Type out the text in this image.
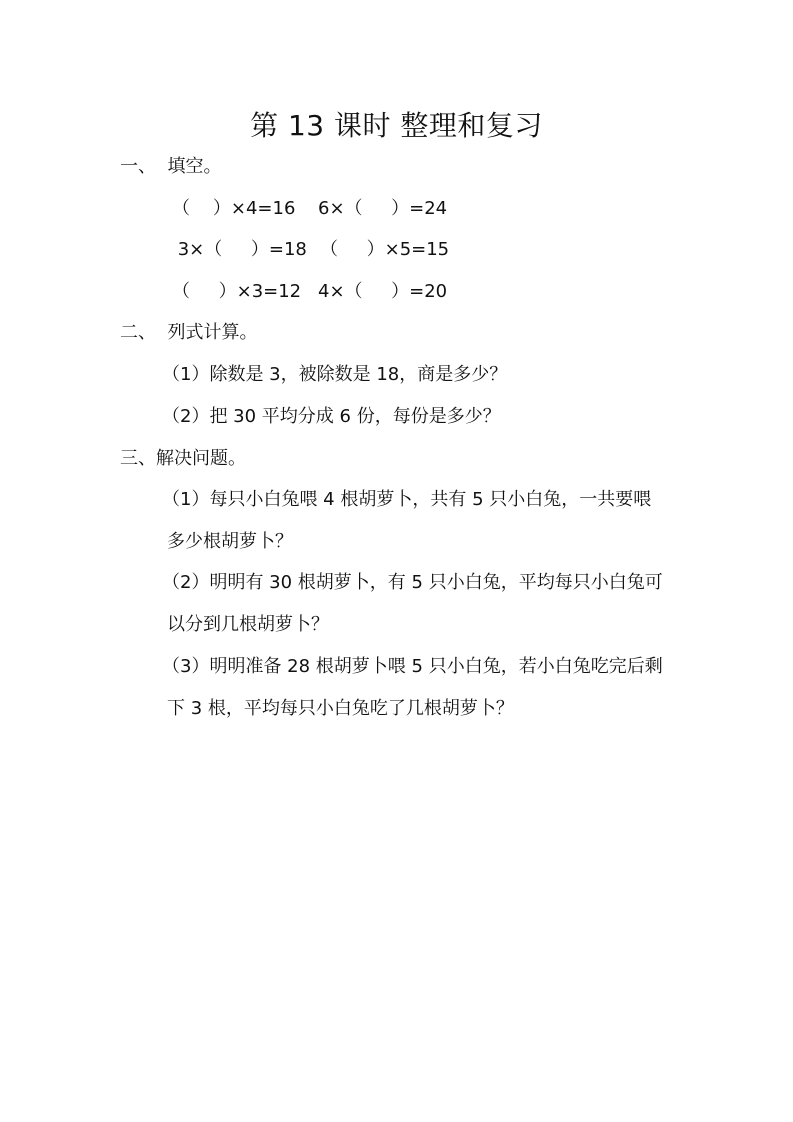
第 13 课时 整理和复习
一、  填空。

（    ）×4=16

6×（     ）=24

3×（     ）=18

（     ）×5=15

（     ）×3=12

4×（     ）=20

二、  列式计算。
（1）除数是 3，被除数是 18，商是多少？
（2）把 30 平均分成 6 份，每份是多少？
三、解决问题。
（1）每只小白兔喂 4 根胡萝卜，共有 5 只小白兔，一共要喂
多少根胡萝卜？
（2）明明有 30 根胡萝卜，有 5 只小白兔，平均每只小白兔可
以分到几根胡萝卜？
（3）明明准备 28 根胡萝卜喂 5 只小白兔，若小白兔吃完后剩
下 3 根，平均每只小白兔吃了几根胡萝卜？
